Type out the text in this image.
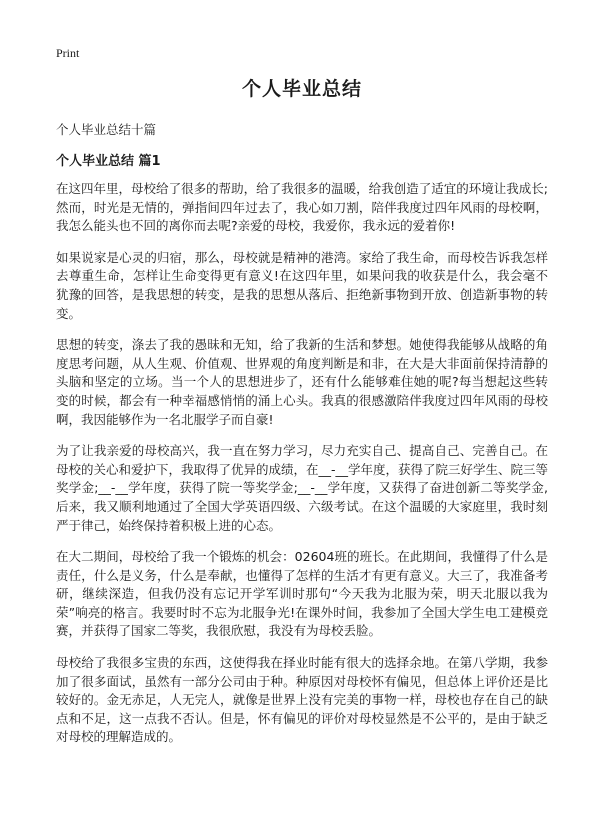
Print
个人毕业总结
个人毕业总结十篇
个人毕业总结 篇1

在这四年里，母校给了很多的帮助，给了我很多的温暖，给我创造了适宜的环境让我成长;然而，时光是无情的，弹指间四年过去了，我心如刀割，陪伴我度过四年风雨的母校啊，我怎么能头也不回的离你而去呢?亲爱的母校，我爱你，我永远的爱着你!

如果说家是心灵的归宿，那么，母校就是精神的港湾。家给了我生命，而母校告诉我怎样去尊重生命，怎样让生命变得更有意义!在这四年里，如果问我的收获是什么，我会毫不犹豫的回答，是我思想的转变，是我的思想从落后、拒绝新事物到开放、创造新事物的转变。

思想的转变，涤去了我的愚昧和无知，给了我新的生活和梦想。她使得我能够从战略的角度思考问题，从人生观、价值观、世界观的角度判断是和非，在大是大非面前保持清静的头脑和坚定的立场。当一个人的思想进步了，还有什么能够难住她的呢?每当想起这些转变的时候，都会有一种幸福感悄悄的涌上心头。我真的很感激陪伴我度过四年风雨的母校啊，我因能够作为一名北服学子而自豪!

为了让我亲爱的母校高兴，我一直在努力学习，尽力充实自己、提高自己、完善自己。在母校的关心和爱护下，我取得了优异的成绩，在__-__学年度，获得了院三好学生、院三等奖学金;__-__学年度，获得了院一等奖学金;__-__学年度，又获得了奋进创新二等奖学金,后来，我又顺利地通过了全国大学英语四级、六级考试。在这个温暖的大家庭里，我时刻严于律己，始终保持着积极上进的心态。

在大二期间，母校给了我一个锻炼的机会：02604班的班长。在此期间，我懂得了什么是责任，什么是义务，什么是奉献，也懂得了怎样的生活才有更有意义。大三了，我准备考研，继续深造，但我仍没有忘记开学军训时那句“今天我为北服为荣，明天北服以我为荣”响亮的格言。我要时时不忘为北服争光!在课外时间，我参加了全国大学生电工建模竞赛，并获得了国家二等奖，我很欣慰，我没有为母校丢脸。

母校给了我很多宝贵的东西，这使得我在择业时能有很大的选择余地。在第八学期，我参加了很多面试，虽然有一部分公司由于种。种原因对母校怀有偏见，但总体上评价还是比较好的。金无赤足，人无完人，就像是世界上没有完美的事物一样，母校也存在自己的缺点和不足，这一点我不否认。但是，怀有偏见的评价对母校显然是不公平的，是由于缺乏对母校的理解造成的。
